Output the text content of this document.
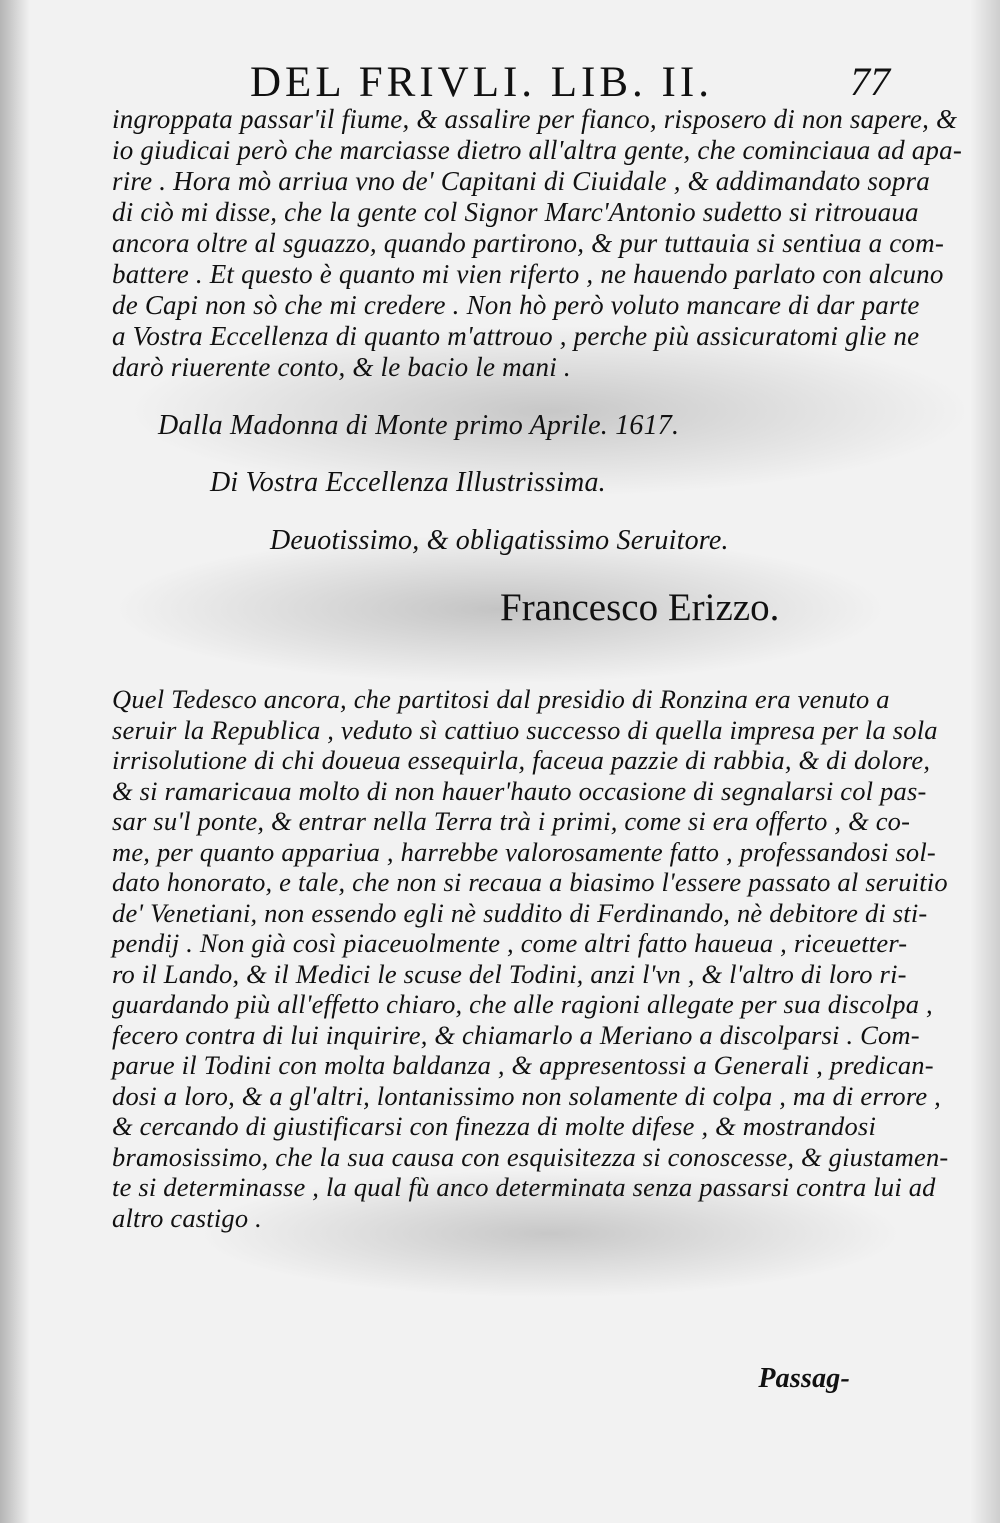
DEL FRIVLI. LIB. II.	77
ingroppata passar'il fiume, & assalire per fianco, risposero di non sapere, &
io giudicai però che marciasse dietro all'altra gente, che cominciaua ad apa-
rire . Hora mò arriua vno de' Capitani di Ciuidale , & addimandato sopra
di ciò mi disse, che la gente col Signor Marc'Antonio sudetto si ritrouaua
ancora oltre al sguazzo, quando partirono, & pur tuttauia si sentiua a com-
battere . Et questo è quanto mi vien riferto , ne hauendo parlato con alcuno
de Capi non sò che mi credere . Non hò però voluto mancare di dar parte
a Vostra Eccellenza di quanto m'attrouo , perche più assicuratomi glie ne
darò riuerente conto, & le bacio le mani .
Dalla Madonna di Monte primo Aprile. 1617.
Di Vostra Eccellenza Illustrissima.
Deuotissimo, & obligatissimo Seruitore.
Francesco Erizzo.
Quel Tedesco ancora, che partitosi dal presidio di Ronzina era venuto a
seruir la Republica , veduto sì cattiuo successo di quella impresa per la sola
irrisolutione di chi doueua essequirla, faceua pazzie di rabbia, & di dolore,
& si ramaricaua molto di non hauer'hauto occasione di segnalarsi col pas-
sar su'l ponte, & entrar nella Terra trà i primi, come si era offerto , & co-
me, per quanto appariua , harrebbe valorosamente fatto , professandosi sol-
dato honorato, e tale, che non si recaua a biasimo l'essere passato al seruitio
de' Venetiani, non essendo egli nè suddito di Ferdinando, nè debitore di sti-
pendij . Non già così piaceuolmente , come altri fatto haueua , riceuetter-
ro il Lando, & il Medici le scuse del Todini, anzi l'vn , & l'altro di loro ri-
guardando più all'effetto chiaro, che alle ragioni allegate per sua discolpa ,
fecero contra di lui inquirire, & chiamarlo a Meriano a discolparsi . Com-
parue il Todini con molta baldanza , & appresentossi a Generali , predican-
dosi a loro, & a gl'altri, lontanissimo non solamente di colpa , ma di errore ,
& cercando di giustificarsi con finezza di molte difese , & mostrandosi
bramosissimo, che la sua causa con esquisitezza si conoscesse, & giustamen-
te si determinasse , la qual fù anco determinata senza passarsi contra lui ad
altro castigo .
Passag-
